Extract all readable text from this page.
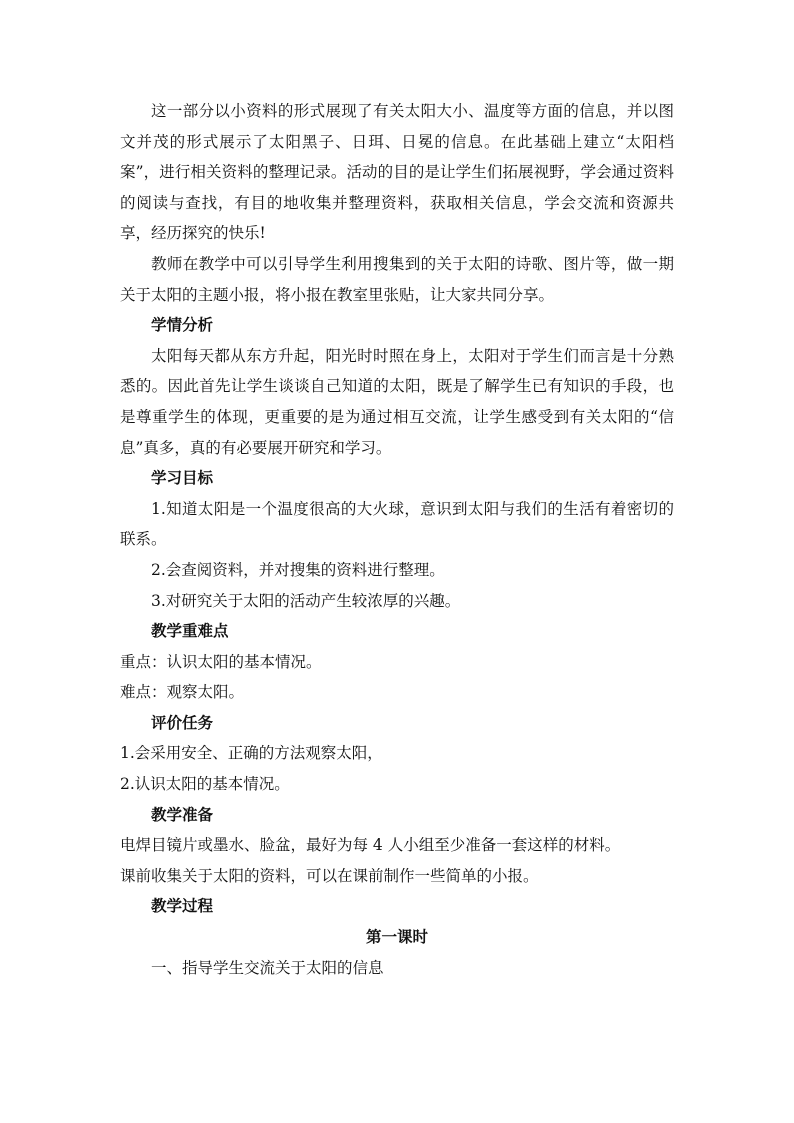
这一部分以小资料的形式展现了有关太阳大小、温度等方面的信息，并以图文并茂的形式展示了太阳黑子、日珥、日冕的信息。在此基础上建立“太阳档案”，进行相关资料的整理记录。活动的目的是让学生们拓展视野，学会通过资料的阅读与查找，有目的地收集并整理资料，获取相关信息，学会交流和资源共享，经历探究的快乐!

教师在教学中可以引导学生利用搜集到的关于太阳的诗歌、图片等，做一期关于太阳的主题小报，将小报在教室里张贴，让大家共同分享。

学情分析

太阳每天都从东方升起，阳光时时照在身上，太阳对于学生们而言是十分熟悉的。因此首先让学生谈谈自己知道的太阳，既是了解学生已有知识的手段，也是尊重学生的体现，更重要的是为通过相互交流，让学生感受到有关太阳的“信息”真多，真的有必要展开研究和学习。

学习目标

1.知道太阳是一个温度很高的大火球，意识到太阳与我们的生活有着密切的联系。

2.会查阅资料，并对搜集的资料进行整理。

3.对研究关于太阳的活动产生较浓厚的兴趣。

教学重难点

重点：认识太阳的基本情况。

难点：观察太阳。

评价任务

1.会采用安全、正确的方法观察太阳，

2.认识太阳的基本情况。

教学准备

电焊目镜片或墨水、脸盆，最好为每 4 人小组至少准备一套这样的材料。

课前收集关于太阳的资料，可以在课前制作一些简单的小报。

教学过程

第一课时

一、指导学生交流关于太阳的信息
